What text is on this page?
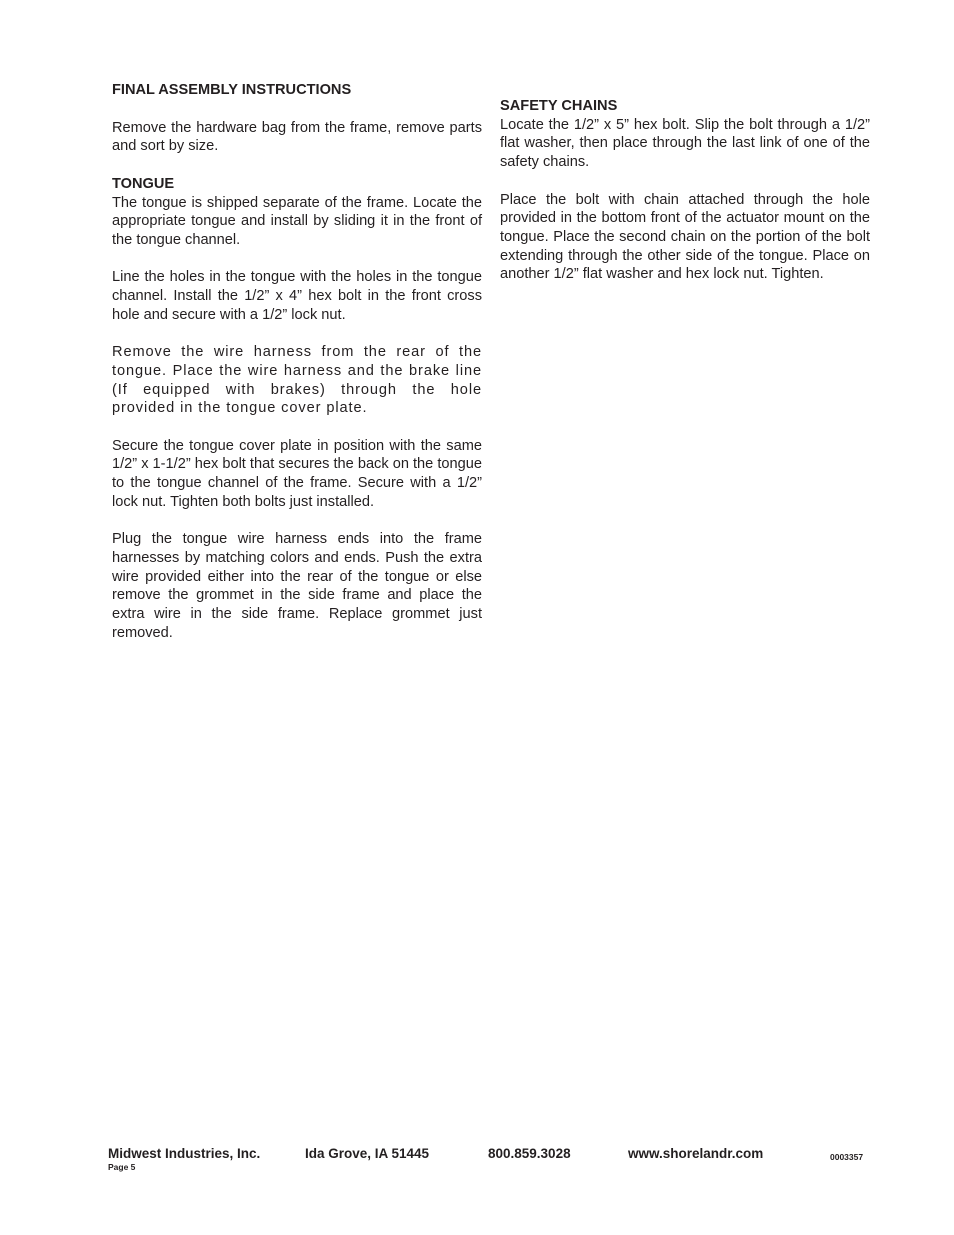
FINAL ASSEMBLY INSTRUCTIONS

Remove the hardware bag from the frame, remove parts and sort by size.

TONGUE

The tongue is shipped separate of the frame. Locate the appropriate tongue and install by sliding it in the front of the tongue channel.

Line the holes in the tongue with the holes in the tongue channel. Install the 1/2” x 4” hex bolt in the front cross hole and secure with a 1/2” lock nut.

Remove the wire harness from the rear of the tongue. Place the wire harness and the brake line (If equipped with brakes) through the hole provided in the tongue cover plate.

Secure the tongue cover plate in position with the same 1/2” x 1-1/2” hex bolt that secures the back on the tongue to the tongue channel of the frame. Secure with a 1/2” lock nut. Tighten both bolts just installed.

Plug the tongue wire harness ends into the frame harnesses by matching colors and ends. Push the extra wire provided either into the rear of the tongue or else remove the grommet in the side frame and place the extra wire in the side frame. Replace grommet just removed.

SAFETY CHAINS

Locate the 1/2” x 5” hex bolt. Slip the bolt through a 1/2” flat washer, then place through the last link of one of the safety chains.

Place the bolt with chain attached through the hole provided in the bottom front of the actuator mount on the tongue. Place the second chain on the portion of the bolt extending through the other side of the tongue. Place on another 1/2” flat washer and hex lock nut. Tighten.

Midwest Industries, Inc.	Ida Grove, IA 51445	800.859.3028	www.shorelandr.com	0003357
Page 5
